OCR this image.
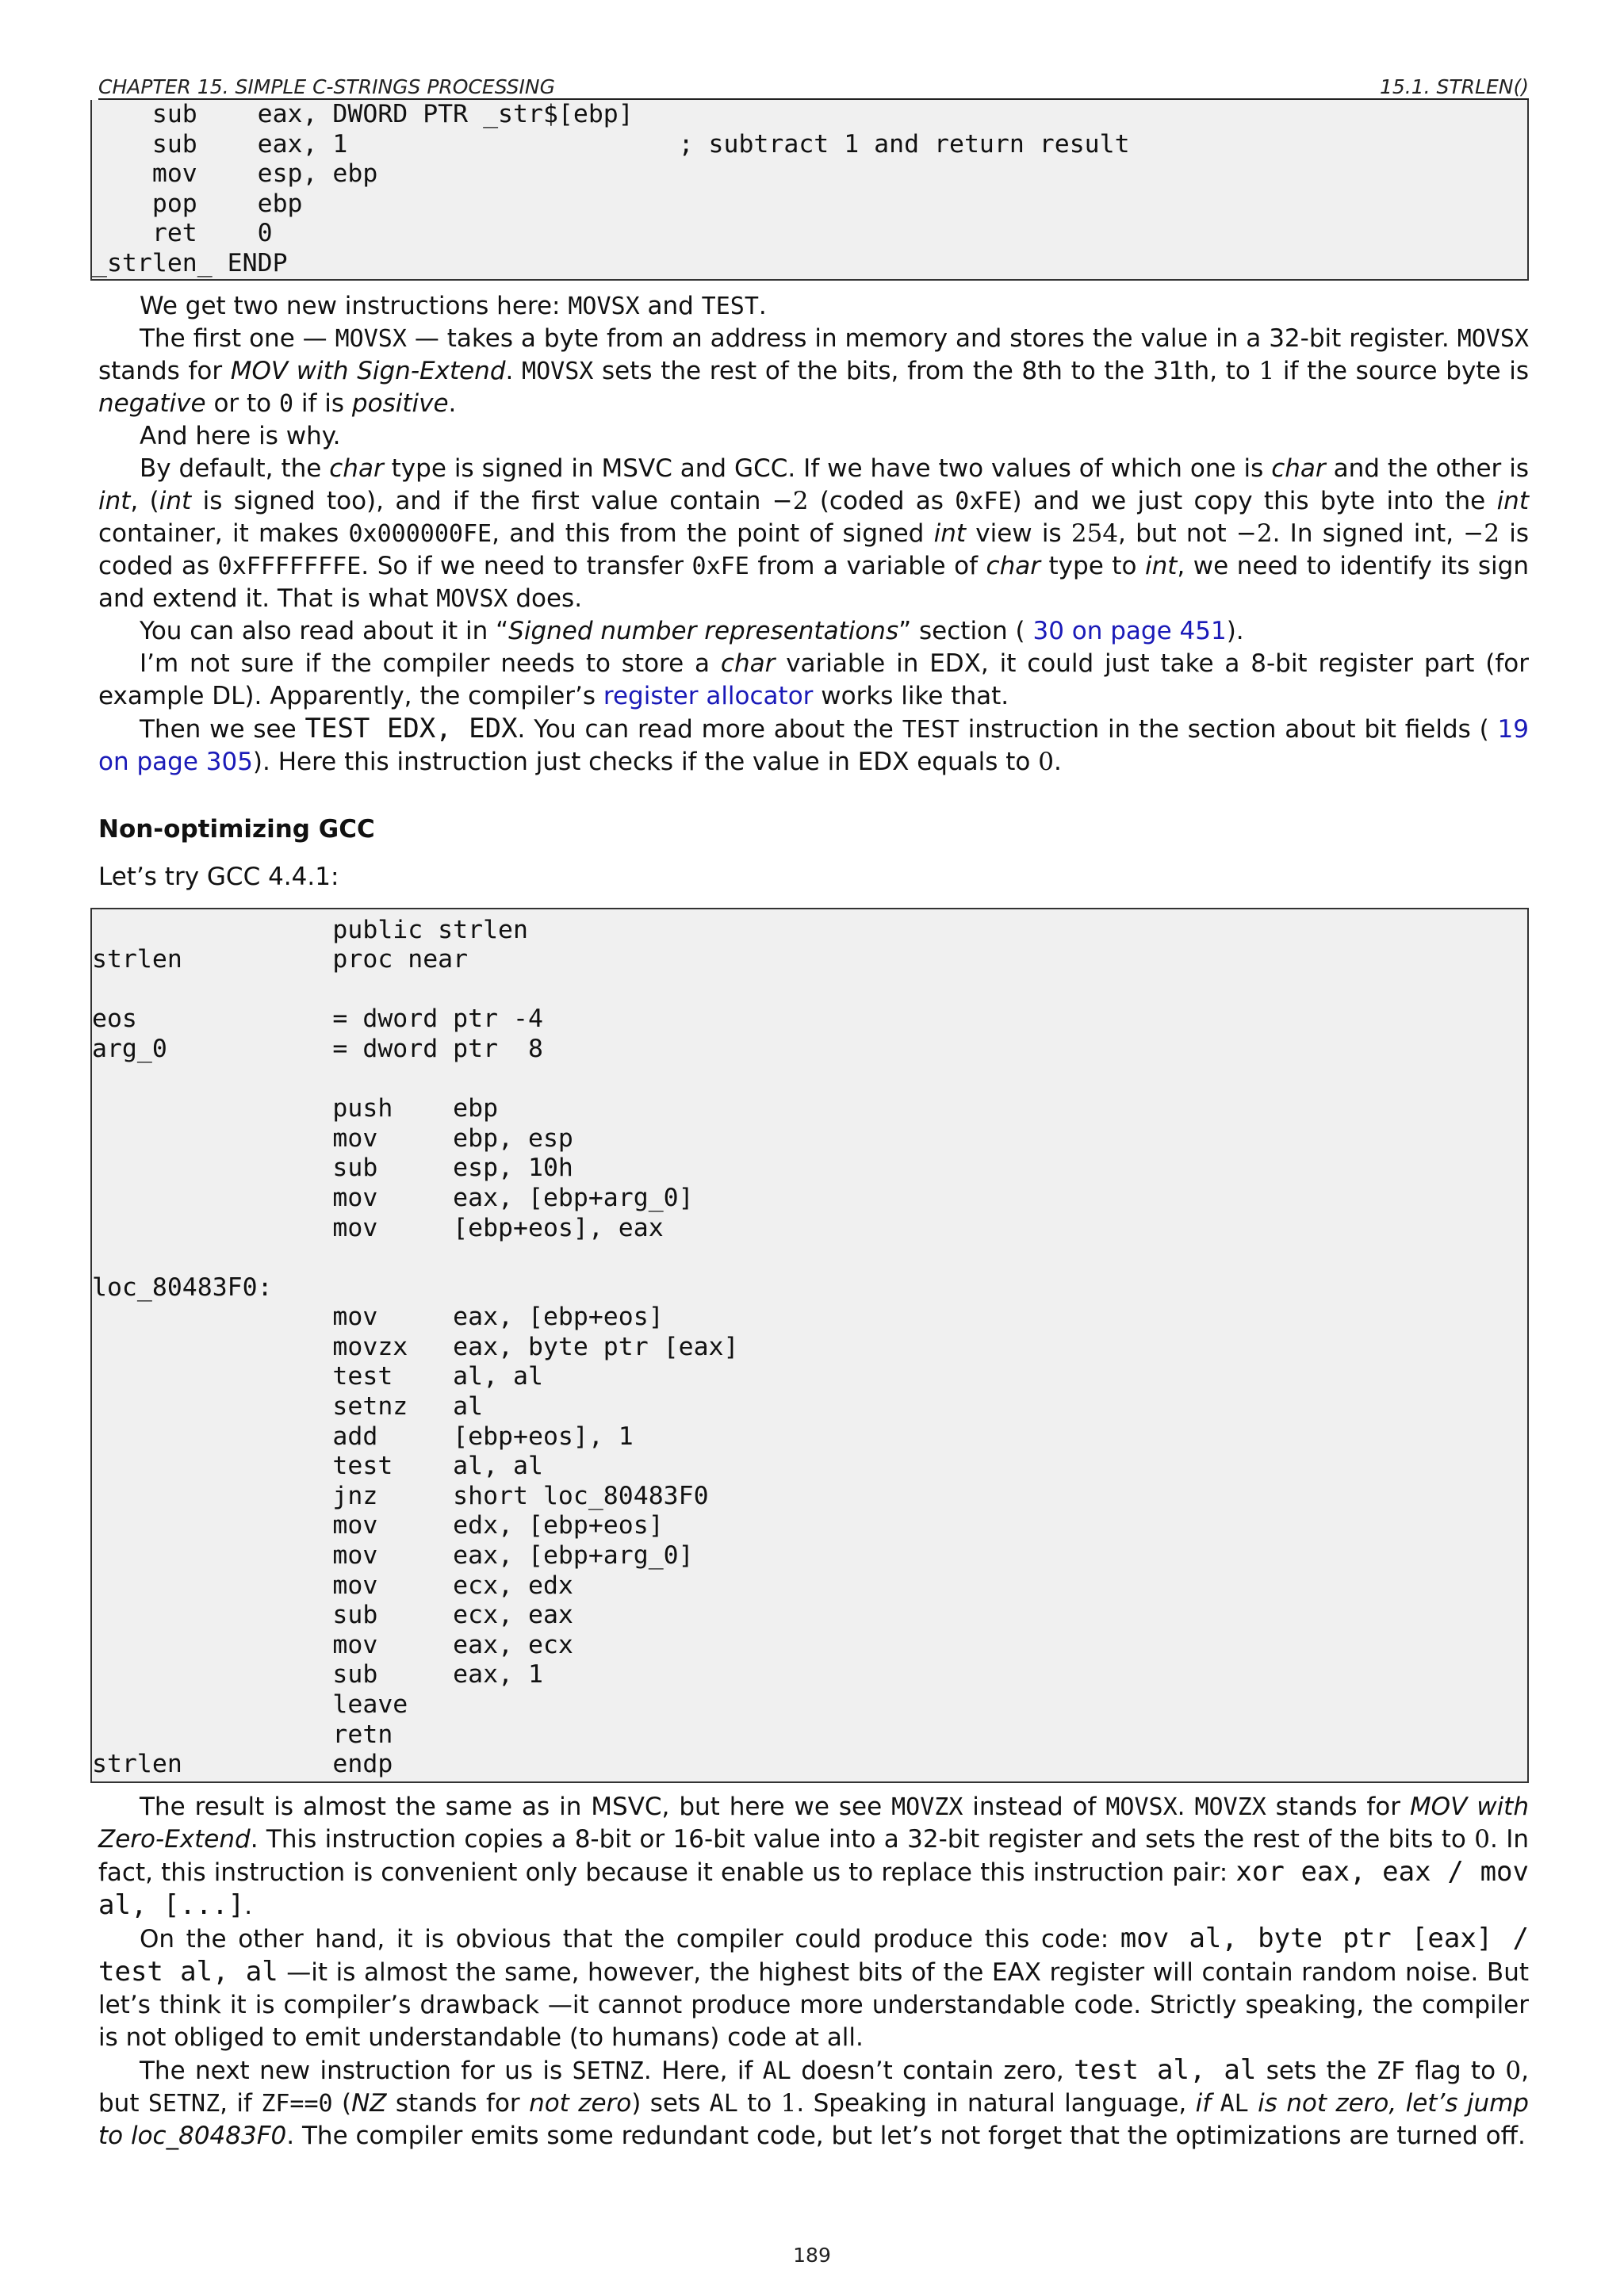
CHAPTER 15. SIMPLE C-STRINGS PROCESSING	15.1. STRLEN()
sub    eax, DWORD PTR _str$[ebp]
sub    eax, 1                      ; subtract 1 and return result
mov    esp, ebp
pop    ebp
ret    0
_strlen_ ENDP

We get two new instructions here: MOVSX and TEST.

The first one — MOVSX — takes a byte from an address in memory and stores the value in a 32-bit register. MOVSX stands for MOV with Sign-Extend. MOVSX sets the rest of the bits, from the 8th to the 31th, to 1 if the source byte is negative or to 0 if is positive.

And here is why.

By default, the char type is signed in MSVC and GCC. If we have two values of which one is char and the other is int, (int is signed too), and if the first value contain −2 (coded as 0xFE) and we just copy this byte into the int container, it makes 0x000000FE, and this from the point of signed int view is 254, but not −2. In signed int, −2 is coded as 0xFFFFFFFE. So if we need to transfer 0xFE from a variable of char type to int, we need to identify its sign and extend it. That is what MOVSX does.

You can also read about it in “Signed number representations” section ( 30 on page 451).

I’m not sure if the compiler needs to store a char variable in EDX, it could just take a 8-bit register part (for example DL). Apparently, the compiler’s register allocator works like that.

Then we see TEST EDX, EDX. You can read more about the TEST instruction in the section about bit fields ( 19 on page 305). Here this instruction just checks if the value in EDX equals to 0.

Non-optimizing GCC

Let’s try GCC 4.4.1:

public strlen
strlen          proc near
eos             = dword ptr -4
arg_0           = dword ptr  8
push    ebp
mov     ebp, esp
sub     esp, 10h
mov     eax, [ebp+arg_0]
mov     [ebp+eos], eax
loc_80483F0:
mov     eax, [ebp+eos]
movzx   eax, byte ptr [eax]
test    al, al
setnz   al
add     [ebp+eos], 1
test    al, al
jnz     short loc_80483F0
mov     edx, [ebp+eos]
mov     eax, [ebp+arg_0]
mov     ecx, edx
sub     ecx, eax
mov     eax, ecx
sub     eax, 1
leave
retn
strlen          endp

The result is almost the same as in MSVC, but here we see MOVZX instead of MOVSX. MOVZX stands for MOV with Zero-Extend. This instruction copies a 8-bit or 16-bit value into a 32-bit register and sets the rest of the bits to 0. In fact, this instruction is convenient only because it enable us to replace this instruction pair: xor eax, eax / mov al, [...].

On the other hand, it is obvious that the compiler could produce this code: mov al, byte ptr [eax] / test al, al —it is almost the same, however, the highest bits of the EAX register will contain random noise. But let’s think it is compiler’s drawback —it cannot produce more understandable code. Strictly speaking, the compiler is not obliged to emit understandable (to humans) code at all.

The next new instruction for us is SETNZ. Here, if AL doesn’t contain zero, test al, al sets the ZF flag to 0, but SETNZ, if ZF==0 (NZ stands for not zero) sets AL to 1. Speaking in natural language, if AL is not zero, let’s jump to loc_80483F0. The compiler emits some redundant code, but let’s not forget that the optimizations are turned off.

189
